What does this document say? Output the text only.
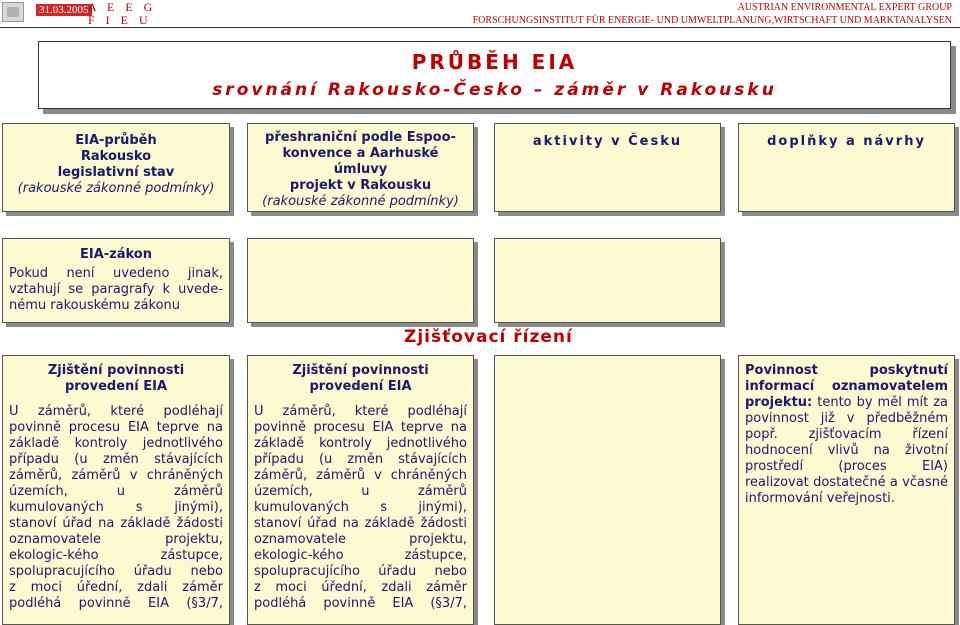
31.03.2005 A E E G
F I E U
AUSTRIAN ENVIRONMENTAL EXPERT GROUP
FORSCHUNGSINSTITUT FÜR ENERGIE- UND UMWELTPLANUNG,WIRTSCHAFT UND MARKTANALYSEN
PRŮBĚH EIA
srovnání Rakousko-Česko – záměr v Rakousku
EIA-průběh
Rakousko
legislativní stav
(rakouské zákonné podmínky)
přeshraniční podle Espoo-
konvence a Aarhuské
úmluvy
projekt v Rakousku
(rakouské zákonné podmínky)
aktivity v Česku	doplňky a návrhy
EIA-zákon
Pokud není uvedeno jinak,
vztahují se paragrafy k uvede-
nému rakouskému zákonu
Zjišťovací řízení
Zjištění povinnosti
provedení EIA
U záměrů, které podléhají
povinně procesu EIA teprve na
základě kontroly jednotlivého
případu (u změn stávajících
záměrů, záměrů v chráněných
územích, u záměrů
kumulovaných s jinými),
stanoví úřad na základě žádosti
oznamovatele projektu,
ekologic-kého zástupce,
spolupracujícího úřadu nebo
z moci úřední, zdali záměr
podléhá povinně EIA (§3/7,
Zjištění povinnosti
provedení EIA
U záměrů, které podléhají
povinně procesu EIA teprve na
základě kontroly jednotlivého
případu (u změn stávajících
záměrů, záměrů v chráněných
územích, u záměrů
kumulovaných s jinými),
stanoví úřad na základě žádosti
oznamovatele projektu,
ekologic-kého zástupce,
spolupracujícího úřadu nebo
z moci úřední, zdali záměr
podléhá povinně EIA (§3/7,
Povinnost poskytnutí
informací oznamovatelem
projektu: tento by měl mít za
povinnost již v předběžném
popř. zjišťovacím řízení
hodnocení vlivů na životní
prostředí (proces EIA)
realizovat dostatečné a včasné
informování veřejnosti.
